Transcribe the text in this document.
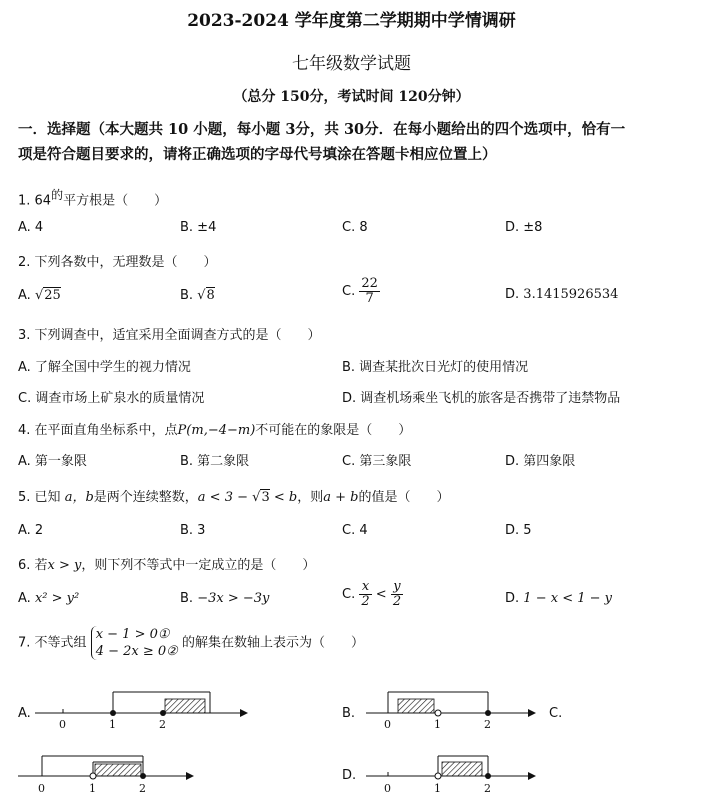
2023-2024 学年度第二学期期中学情调研
七年级数学试题
（总分 150分，考试时间 120分钟）
一．选择题（本大题共 10 小题，每小题 3分，共 30分．在每小题给出的四个选项中，恰有一
项是符合题目要求的，请将正确选项的字母代号填涂在答题卡相应位置上）
1. $64^的$平方根是（　　）
A. 4	B. ±4	C. 8	D. ±8
2. 下列各数中，无理数是（　　）
A. √25	B. √8	C. $\frac{22}{7}$	D. 3.1415926534
3. 下列调查中，适宜采用全面调查方式的是（　　）
A. 了解全国中学生的视力情况	B. 调查某批次日光灯的使用情况
C. 调查市场上矿泉水的质量情况	D. 调查机场乘坐飞机的旅客是否携带了违禁物品
4. 在平面直角坐标系中，点P(m,−4−m)不可能在的象限是（　　）
A. 第一象限	B. 第二象限	C. 第三象限	D. 第四象限
5. 已知 a，b是两个连续整数，a < 3 − √3 < b，则a + b的值是（　　）
A. 2	B. 3	C. 4	D. 5
6. 若x > y，则下列不等式中一定成立的是（　　）
A. x² > y²	B. −3x > −3y	C. $\frac{x}{2} < \frac{y}{2}$	D. 1 − x < 1 − y
7. 不等式组
x − 1 > 0①
4 − 2x ≥ 0②
的解集在数轴上表示为（　　）
A.	B.	C.
D.
0	1	2	0	1	2
0	1	2	0	1	2
